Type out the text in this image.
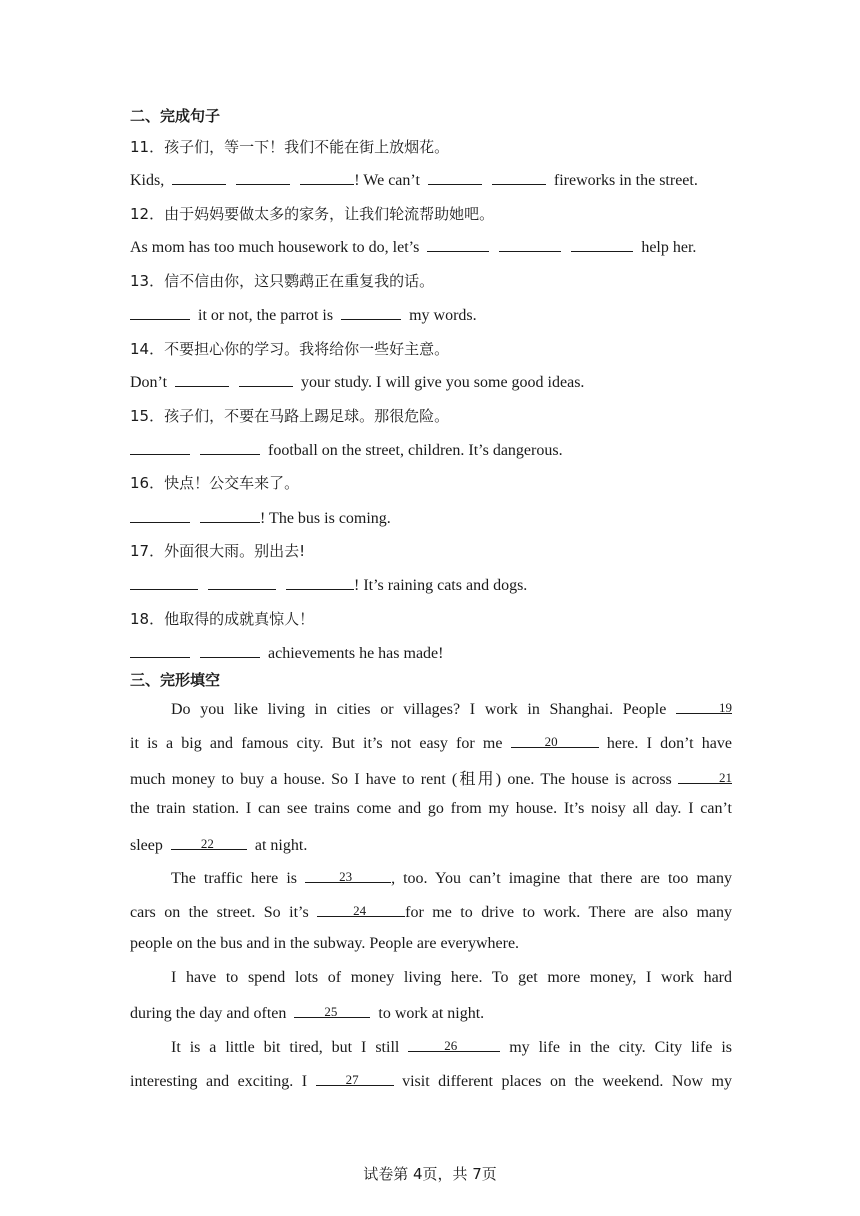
二、完成句子
11．孩子们，等一下！我们不能在街上放烟花。
Kids,	! We can’t	fireworks in the street.
12．由于妈妈要做太多的家务，让我们轮流帮助她吧。
As mom has too much housework to do, let’s	help her.
13．信不信由你，这只鹦鹉正在重复我的话。
it or not, the parrot is	my words.
14．不要担心你的学习。我将给你一些好主意。
Don’t	your study. I will give you some good ideas.
15．孩子们，不要在马路上踢足球。那很危险。
football on the street, children. It’s dangerous.
16．快点！公交车来了。
! The bus is coming.
17．外面很大雨。别出去!
! It’s raining cats and dogs.
18．他取得的成就真惊人！
achievements he has made!
三、完形填空
Do you like living in cities or villages? I work in Shanghai. People	19
it is a big and famous city. But it’s not easy for me	20	here. I don’t have
much money to buy a house. So I have to rent (租用) one. The house is across	21
the train station. I can see trains come and go from my house. It’s noisy all day. I can’t
sleep	22	at night.
The traffic here is	23 , too. You can’t imagine that there are too many
cars on the street. So it’s	24 for me to drive to work. There are also many
people on the bus and in the subway. People are everywhere.
I have to spend lots of money living here. To get more money, I work hard
during the day and often	25	to work at night.
It is a little bit tired, but I still	26	my life in the city. City life is
interesting and exciting. I	27	visit different places on the weekend. Now my
试卷第 4页，共 7页
